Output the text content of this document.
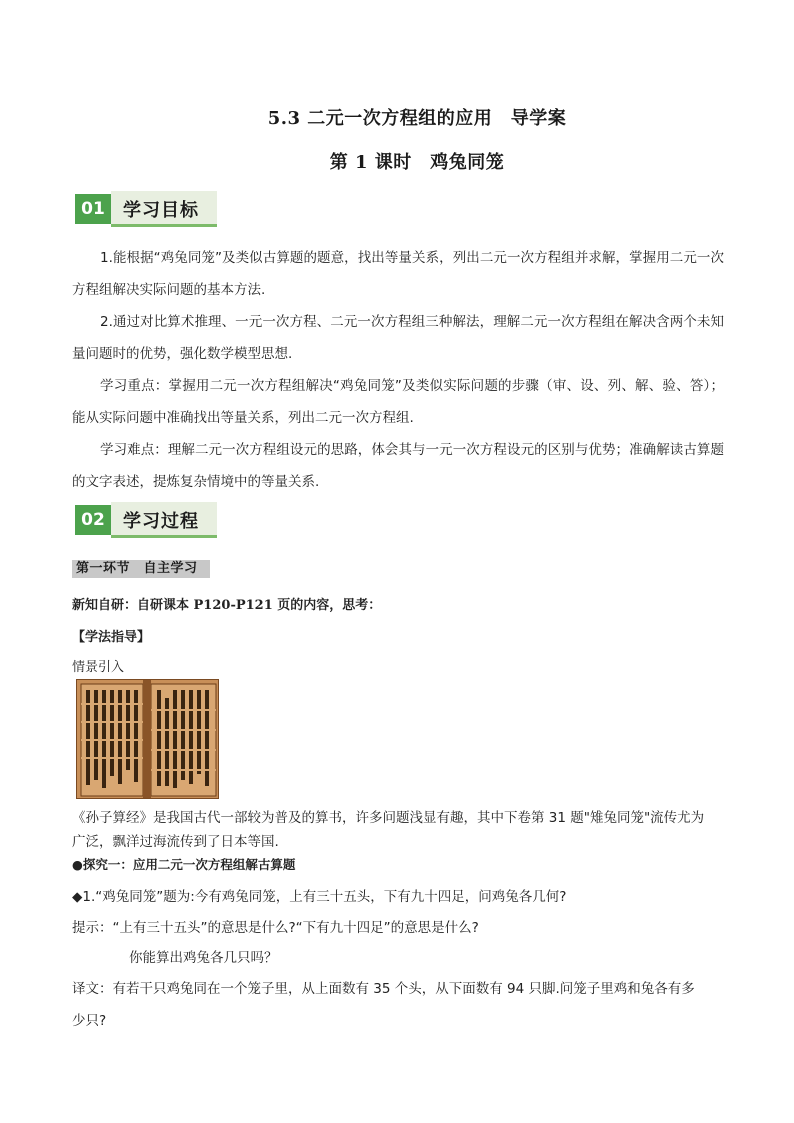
5.3 二元一次方程组的应用　导学案
第 1 课时　鸡兔同笼
01	学习目标
1.能根据“鸡兔同笼”及类似古算题的题意，找出等量关系，列出二元一次方程组并求解，掌握用二元一次方程组解决实际问题的基本方法.
2.通过对比算术推理、一元一次方程、二元一次方程组三种解法，理解二元一次方程组在解决含两个未知量问题时的优势，强化数学模型思想.
学习重点：掌握用二元一次方程组解决“鸡兔同笼”及类似实际问题的步骤（审、设、列、解、验、答）；能从实际问题中准确找出等量关系，列出二元一次方程组.
学习难点：理解二元一次方程组设元的思路，体会其与一元一次方程设元的区别与优势；准确解读古算题的文字表述，提炼复杂情境中的等量关系.
02	学习过程
第一环节　自主学习
新知自研：自研课本 P120-P121 页的内容，思考：
【学法指导】
情景引入
《孙子算经》是我国古代一部较为普及的算书，许多问题浅显有趣，其中下卷第 31 题"雉兔同笼"流传尤为
广泛，飘洋过海流传到了日本等国.
●探究一：应用二元一次方程组解古算题
◆1.“鸡兔同笼”题为:今有鸡兔同笼，上有三十五头，下有九十四足，问鸡兔各几何?
提示：“上有三十五头”的意思是什么?“下有九十四足”的意思是什么?
你能算出鸡兔各几只吗？
译文：有若干只鸡兔同在一个笼子里，从上面数有 35 个头，从下面数有 94 只脚.问笼子里鸡和兔各有多
少只?
